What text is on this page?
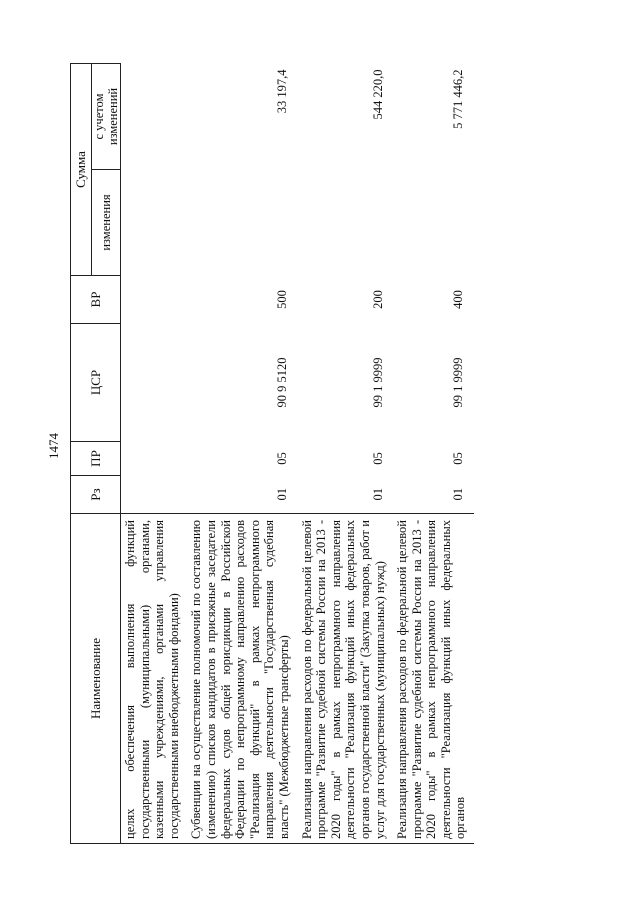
1474
Наименование	Рз	ПР	ЦСР	ВР	Сумма	
					изменения	с учетом изменений
целях обеспечения выполнения функций государственными (муниципальными) органами, казенными учреждениями, органами управления государственными внебюджетными фондами)						
Субвенции на осуществление полномочий по составлению (изменению) списков кандидатов в присяжные заседатели федеральных судов общей юрисдикции в Российской Федерации по непрограммному направлению расходов "Реализация функций" в рамках непрограммного направления деятельности "Государственная судебная власть" (Межбюджетные трансферты)	01	05	90 9 5120	500		33 197,4
Реализация направления расходов по федеральной целевой программе "Развитие судебной системы России на 2013 - 2020 годы" в рамках непрограммного направления деятельности "Реализация функций иных федеральных органов государственной власти" (Закупка товаров, работ и услуг для государственных (муниципальных) нужд)	01	05	99 1 9999	200		544 220,0
Реализация направления расходов по федеральной целевой программе "Развитие судебной системы России на 2013 - 2020 годы" в рамках непрограммного направления деятельности "Реализация функций иных федеральных органов	01	05	99 1 9999	400		5 771 446,2
